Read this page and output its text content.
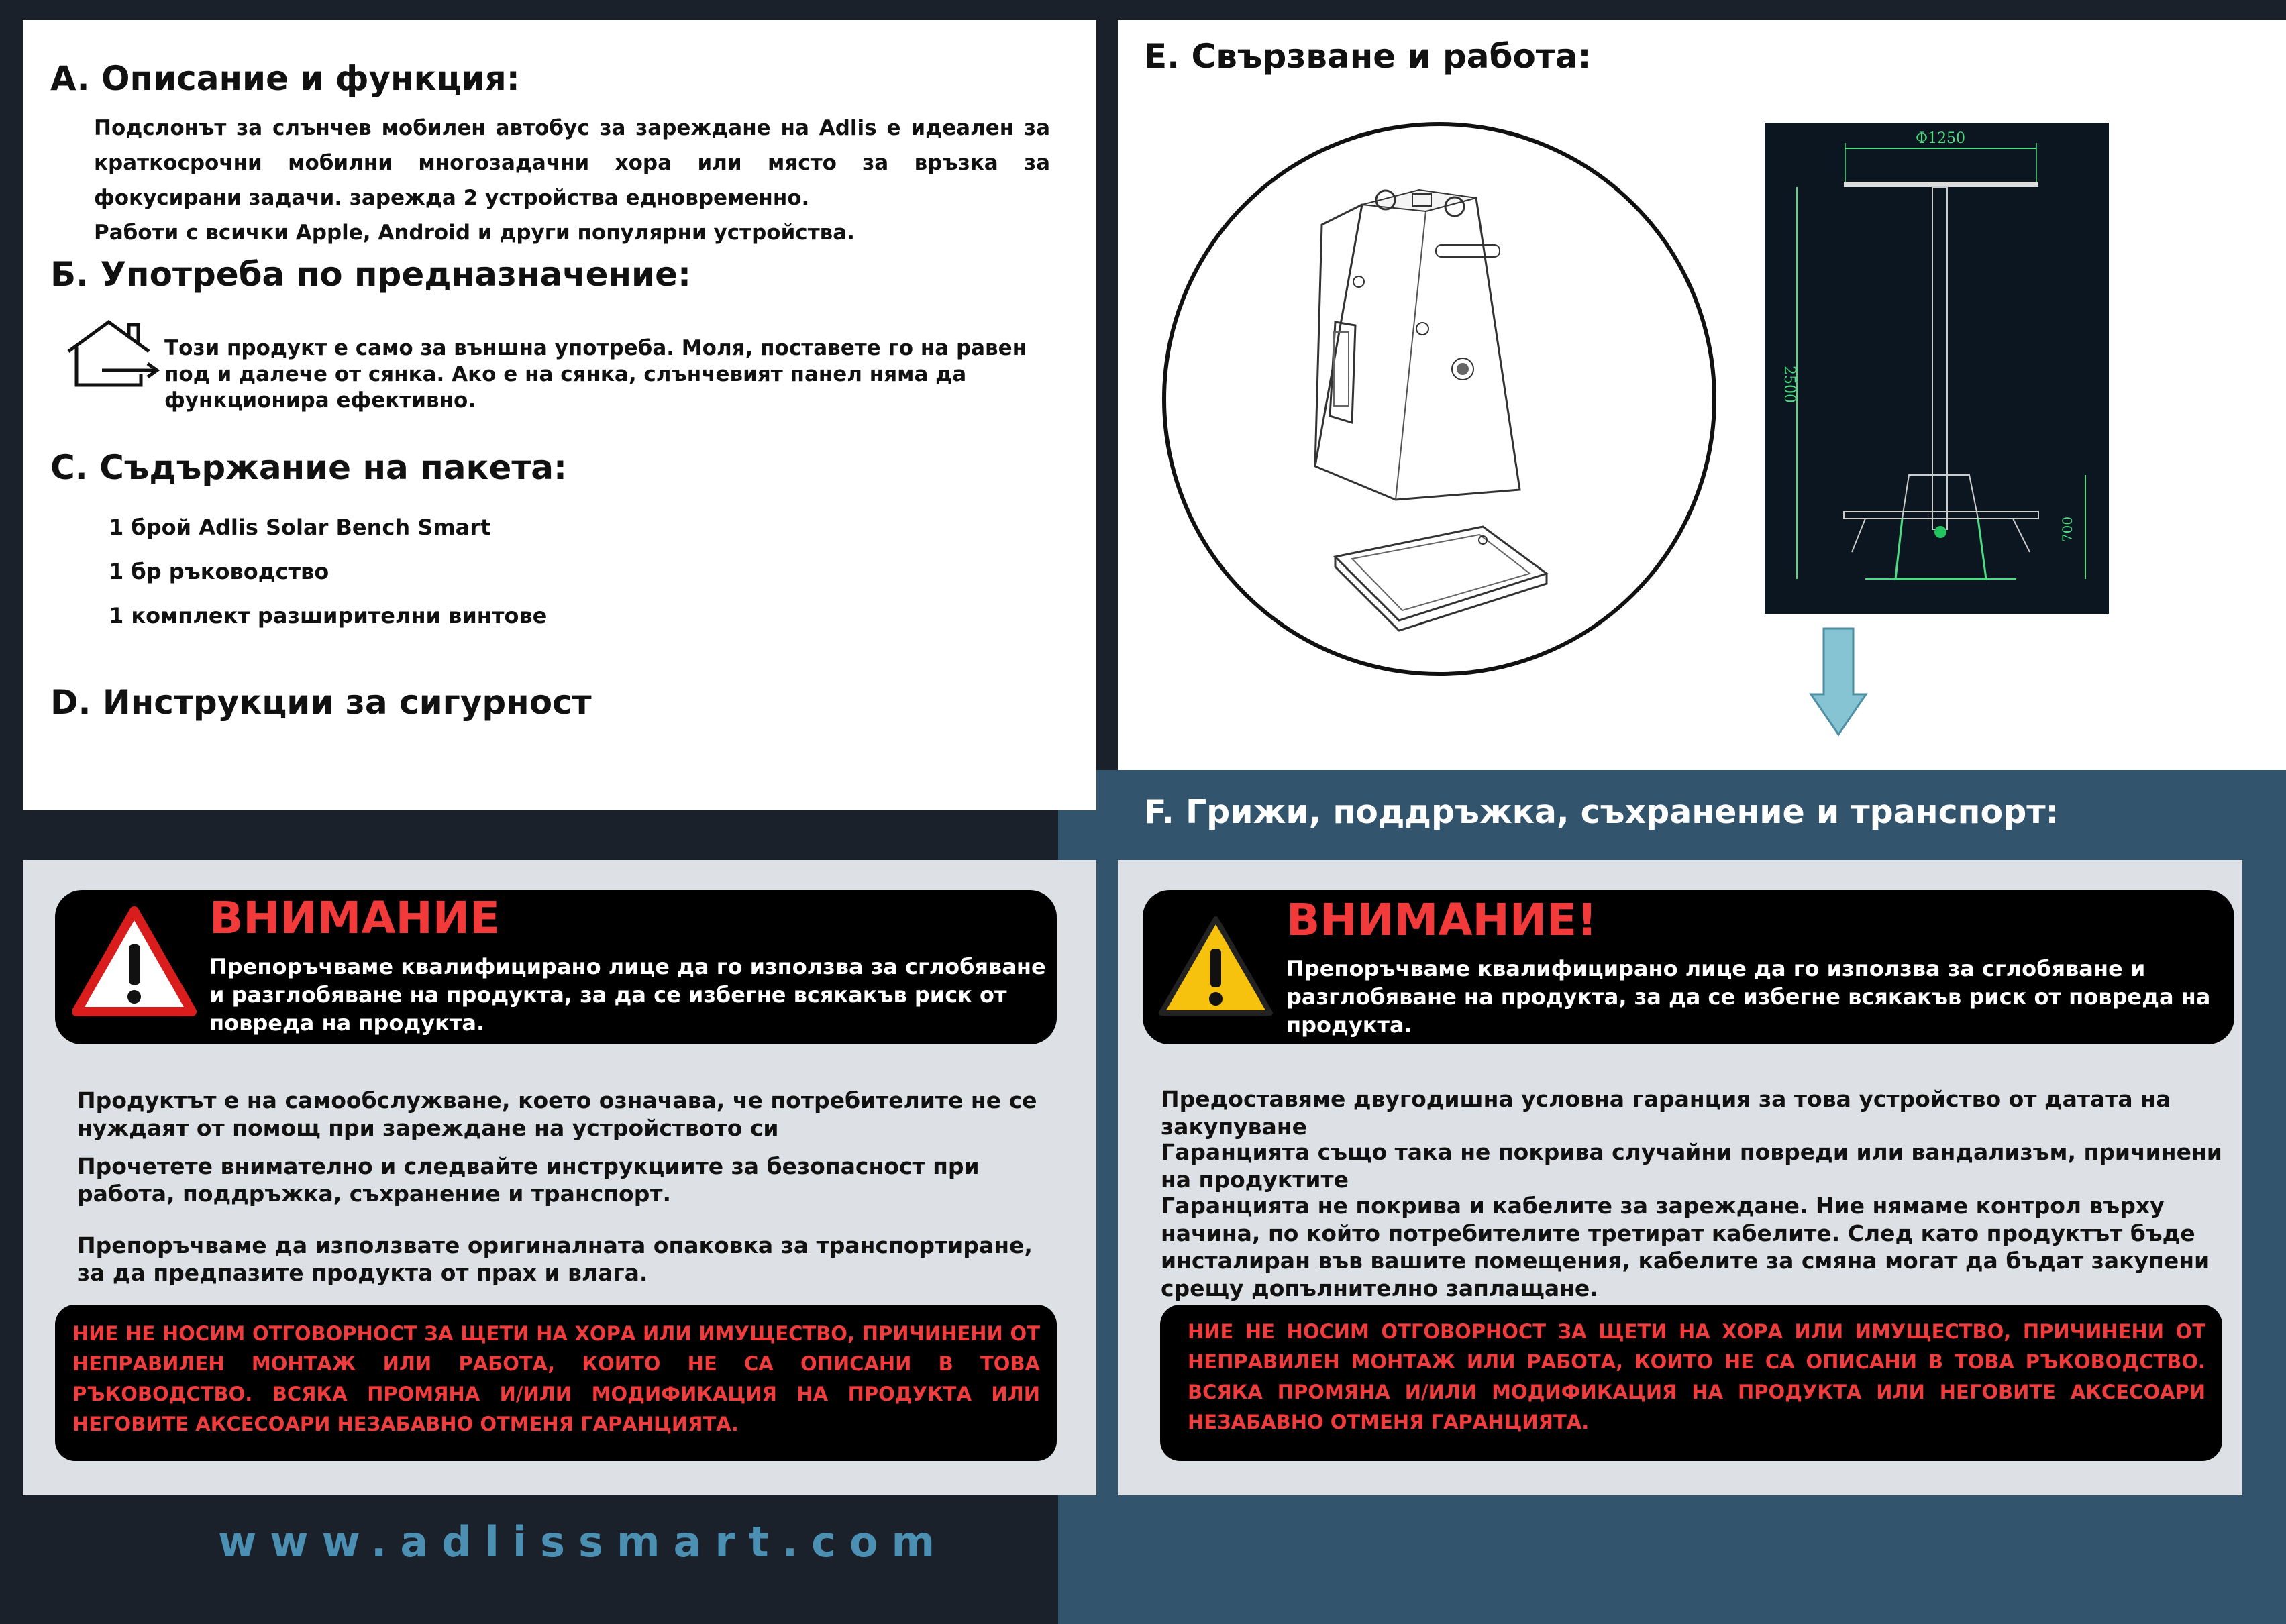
A. Описание и функция:
Подслонът за слънчев мобилен автобус за зареждане на Adlis е идеален за краткосрочни мобилни многозадачни хора или място за връзка за фокусирани задачи. зарежда 2 устройства едновременно.
Работи с всички Apple, Android и други популярни устройства.
Б. Употреба по предназначение:
Този продукт е само за външна употреба. Моля, поставете го на равен под и далече от сянка. Ако е на сянка, слънчевият панел няма да функционира ефективно.
C. Съдържание на пакета:
1 брой Adlis Solar Bench Smart
1 бр ръководство
1 комплект разширителни винтове
D. Инструкции за сигурност
ВНИМАНИЕ
Препоръчваме квалифицирано лице да го използва за сглобяване и разглобяване на продукта, за да се избегне всякакъв риск от повреда на продукта.
Продуктът е на самообслужване, което означава, че потребителите не се нуждаят от помощ при зареждане на устройството си
Прочетете внимателно и следвайте инструкциите за безопасност при работа, поддръжка, съхранение и транспорт.
Препоръчваме да използвате оригиналната опаковка за транспортиране, за да предпазите продукта от прах и влага.
НИЕ НЕ НОСИМ ОТГОВОРНОСТ ЗА ЩЕТИ НА ХОРА ИЛИ ИМУЩЕСТВО, ПРИЧИНЕНИ ОТ НЕПРАВИЛЕН МОНТАЖ ИЛИ РАБОТА, КОИТО НЕ СА ОПИСАНИ В ТОВА РЪКОВОДСТВО. ВСЯКА ПРОМЯНА И/ИЛИ МОДИФИКАЦИЯ НА ПРОДУКТА ИЛИ НЕГОВИТЕ АКСЕСОАРИ НЕЗАБАВНО ОТМЕНЯ ГАРАНЦИЯТА.
www.adlissmart.com
E. Свързване и работа:
Φ1250
2500
700
F. Грижи, поддръжка, съхранение и транспорт:
ВНИМАНИЕ!
Препоръчваме квалифицирано лице да го използва за сглобяване и разглобяване на продукта, за да се избегне всякакъв риск от повреда на продукта.
Предоставяме двугодишна условна гаранция за това устройство от датата на закупуване
Гаранцията също така не покрива случайни повреди или вандализъм, причинени на продуктите
Гаранцията не покрива и кабелите за зареждане. Ние нямаме контрол върху начина, по който потребителите третират кабелите. След като продуктът бъде инсталиран във вашите помещения, кабелите за смяна могат да бъдат закупени срещу допълнително заплащане.
НИЕ НЕ НОСИМ ОТГОВОРНОСТ ЗА ЩЕТИ НА ХОРА ИЛИ ИМУЩЕСТВО, ПРИЧИНЕНИ ОТ НЕПРАВИЛЕН МОНТАЖ ИЛИ РАБОТА, КОИТО НЕ СА ОПИСАНИ В ТОВА РЪКОВОДСТВО. ВСЯКА ПРОМЯНА И/ИЛИ МОДИФИКАЦИЯ НА ПРОДУКТА ИЛИ НЕГОВИТЕ АКСЕСОАРИ НЕЗАБАВНО ОТМЕНЯ ГАРАНЦИЯТА.
